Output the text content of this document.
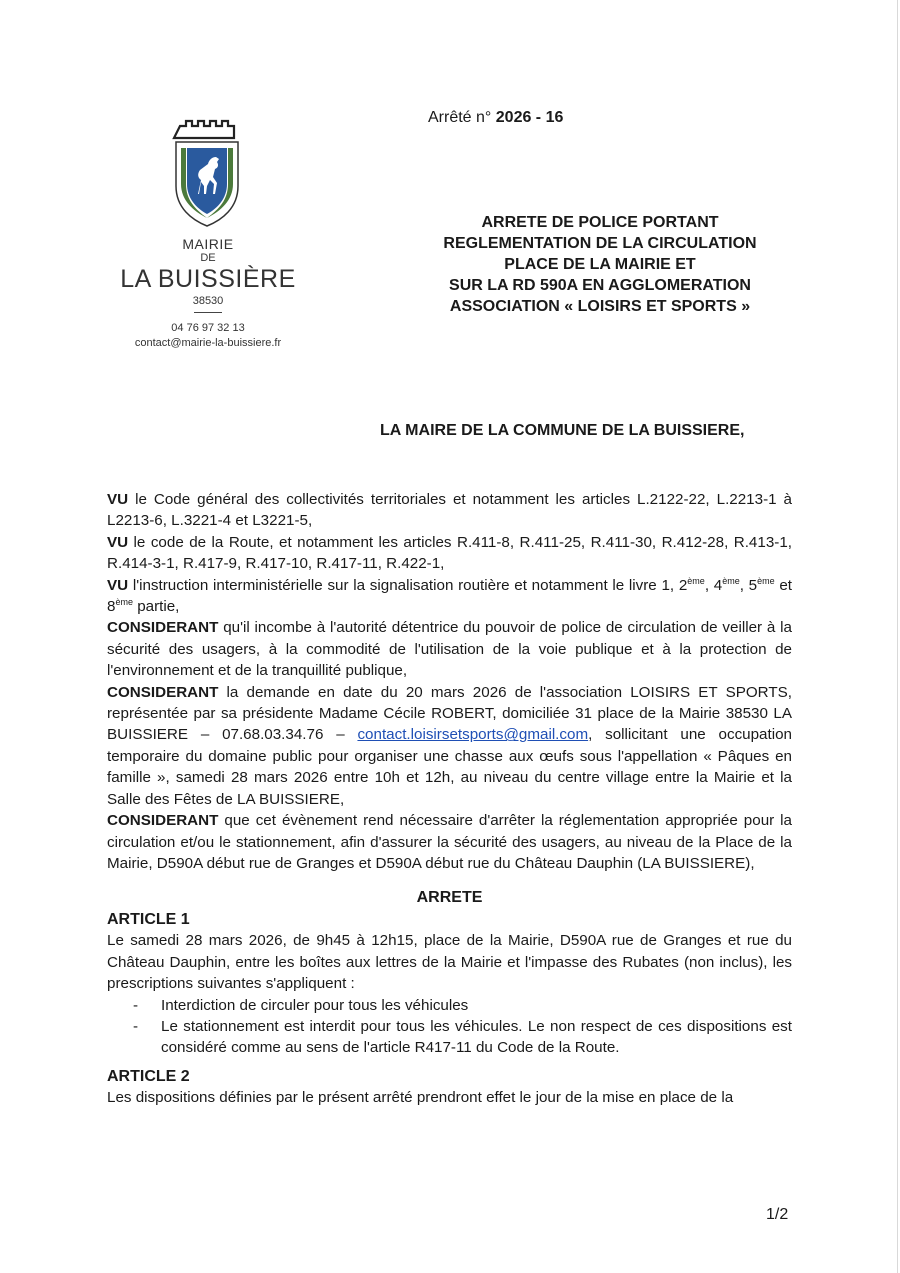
MAIRIE
DE
LA BUISSIÈRE
38530
04 76 97 32 13
contact@mairie-la-buissiere.fr
Arrêté n° 2026 - 16
ARRETE DE POLICE PORTANT
REGLEMENTATION DE LA CIRCULATION
PLACE DE LA MAIRIE ET
SUR LA RD 590A EN AGGLOMERATION
ASSOCIATION « LOISIRS ET SPORTS »
LA MAIRE DE LA COMMUNE DE LA BUISSIERE,
VU le Code général des collectivités territoriales et notamment les articles L.2122-22, L.2213-1 à L2213-6, L.3221-4 et L3221-5,
VU le code de la Route, et notamment les articles R.411-8, R.411-25, R.411-30, R.412-28, R.413-1, R.414-3-1, R.417-9, R.417-10, R.417-11, R.422-1,
VU l'instruction interministérielle sur la signalisation routière et notamment le livre 1, 2ème, 4ème, 5ème et 8ème partie,
CONSIDERANT qu'il incombe à l'autorité détentrice du pouvoir de police de circulation de veiller à la sécurité des usagers, à la commodité de l'utilisation de la voie publique et à la protection de l'environnement et de la tranquillité publique,
CONSIDERANT la demande en date du 20 mars 2026 de l'association LOISIRS ET SPORTS, représentée par sa présidente Madame Cécile ROBERT, domiciliée 31 place de la Mairie 38530 LA BUISSIERE – 07.68.03.34.76 – contact.loisirsetsports@gmail.com, sollicitant une occupation temporaire du domaine public pour organiser une chasse aux œufs sous l'appellation « Pâques en famille », samedi 28 mars 2026 entre 10h et 12h, au niveau du centre village entre la Mairie et la Salle des Fêtes de LA BUISSIERE,
CONSIDERANT que cet évènement rend nécessaire d'arrêter la réglementation appropriée pour la circulation et/ou le stationnement, afin d'assurer la sécurité des usagers, au niveau de la Place de la Mairie, D590A début rue de Granges et D590A début rue du Château Dauphin (LA BUISSIERE),
ARRETE
ARTICLE 1
Le samedi 28 mars 2026, de 9h45 à 12h15, place de la Mairie, D590A rue de Granges et rue du Château Dauphin, entre les boîtes aux lettres de la Mairie et l'impasse des Rubates (non inclus), les prescriptions suivantes s'appliquent :
- Interdiction de circuler pour tous les véhicules
- Le stationnement est interdit pour tous les véhicules. Le non respect de ces dispositions est considéré comme au sens de l'article R417-11 du Code de la Route.
ARTICLE 2
Les dispositions définies par le présent arrêté prendront effet le jour de la mise en place de la
1/2
